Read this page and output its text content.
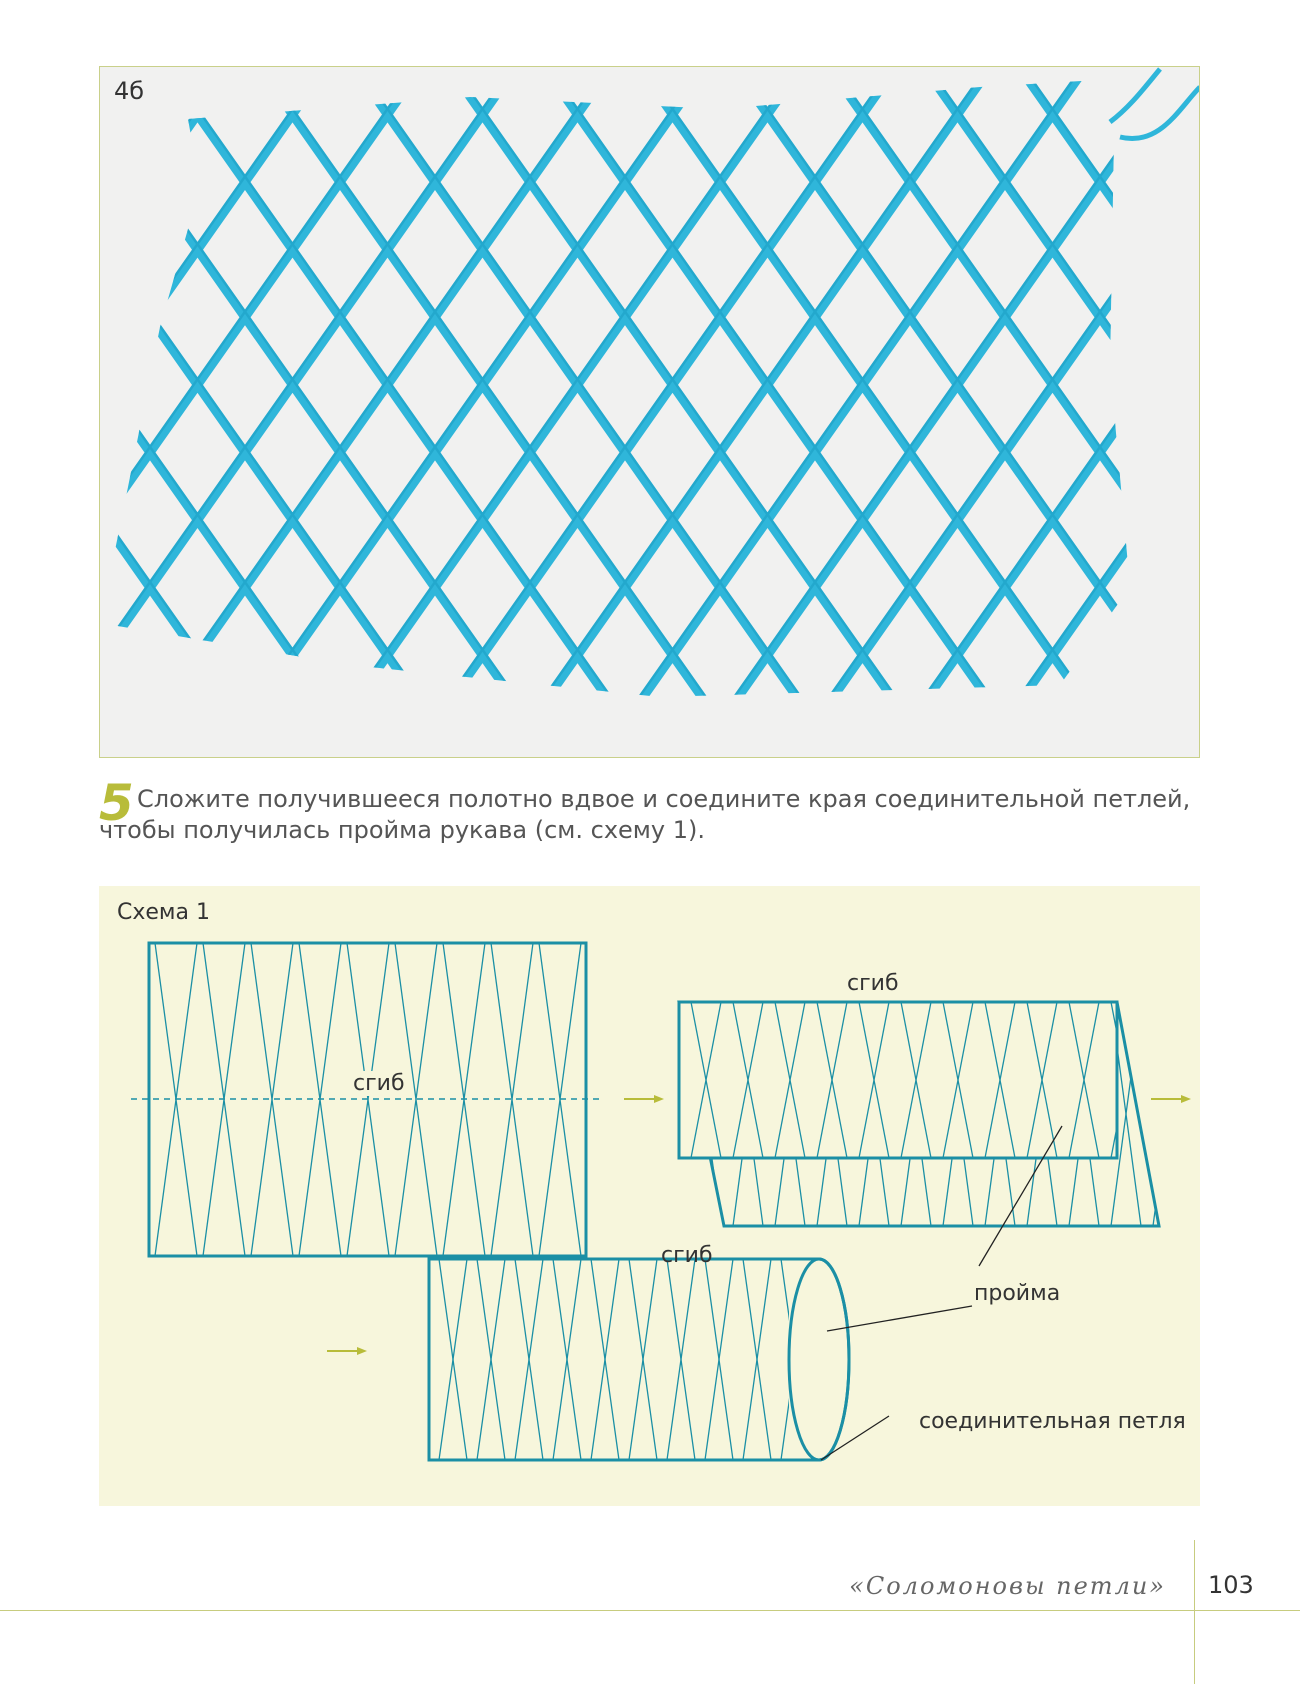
4б
5 Сложите получившееся полотно вдвое и соедините края соединительной петлей, чтобы получилась пройма рукава (см. схему 1).

Схема 1
сгиб
сгиб
сгиб
пройма
соединительная петля
«Соломоновы петли» 103
